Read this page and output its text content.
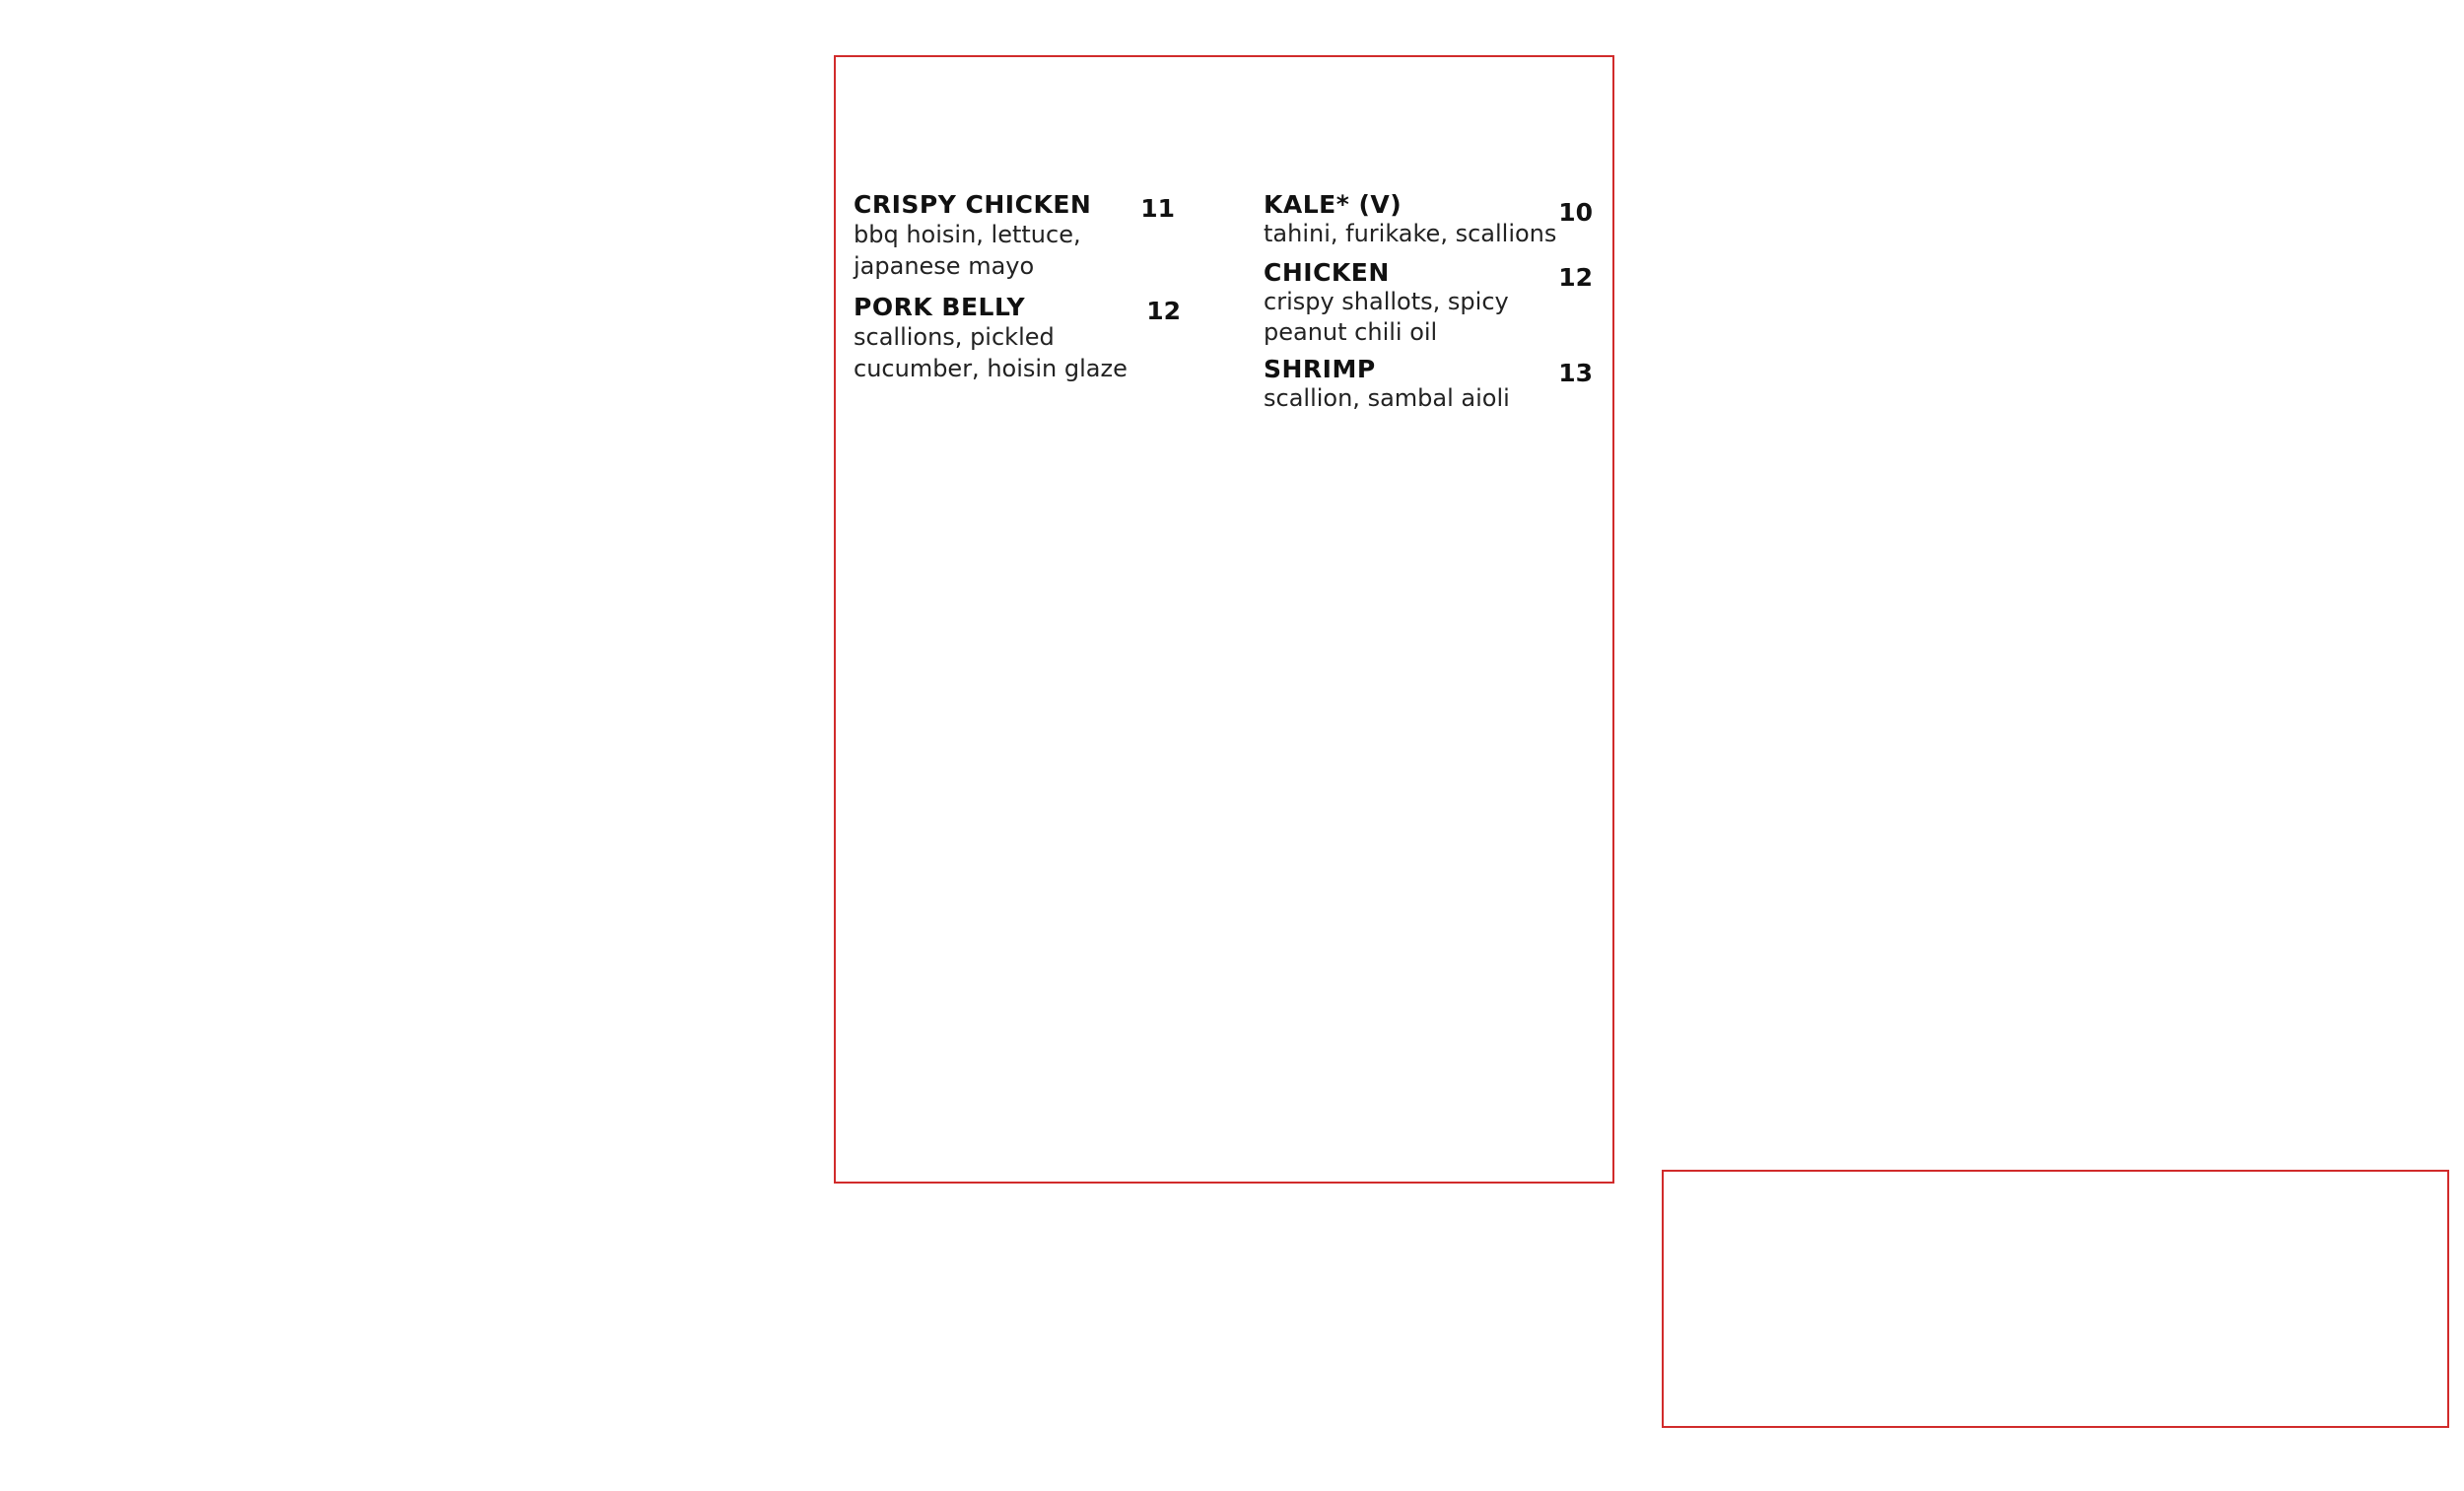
CRISPY CHICKEN
bbq hoisin, lettuce,
japanese mayo
11
PORK BELLY
scallions, pickled
cucumber, hoisin glaze
12
KALE* (V)
tahini, furikake, scallions
10
CHICKEN
crispy shallots, spicy
peanut chili oil
12
SHRIMP
scallion, sambal aioli
13
